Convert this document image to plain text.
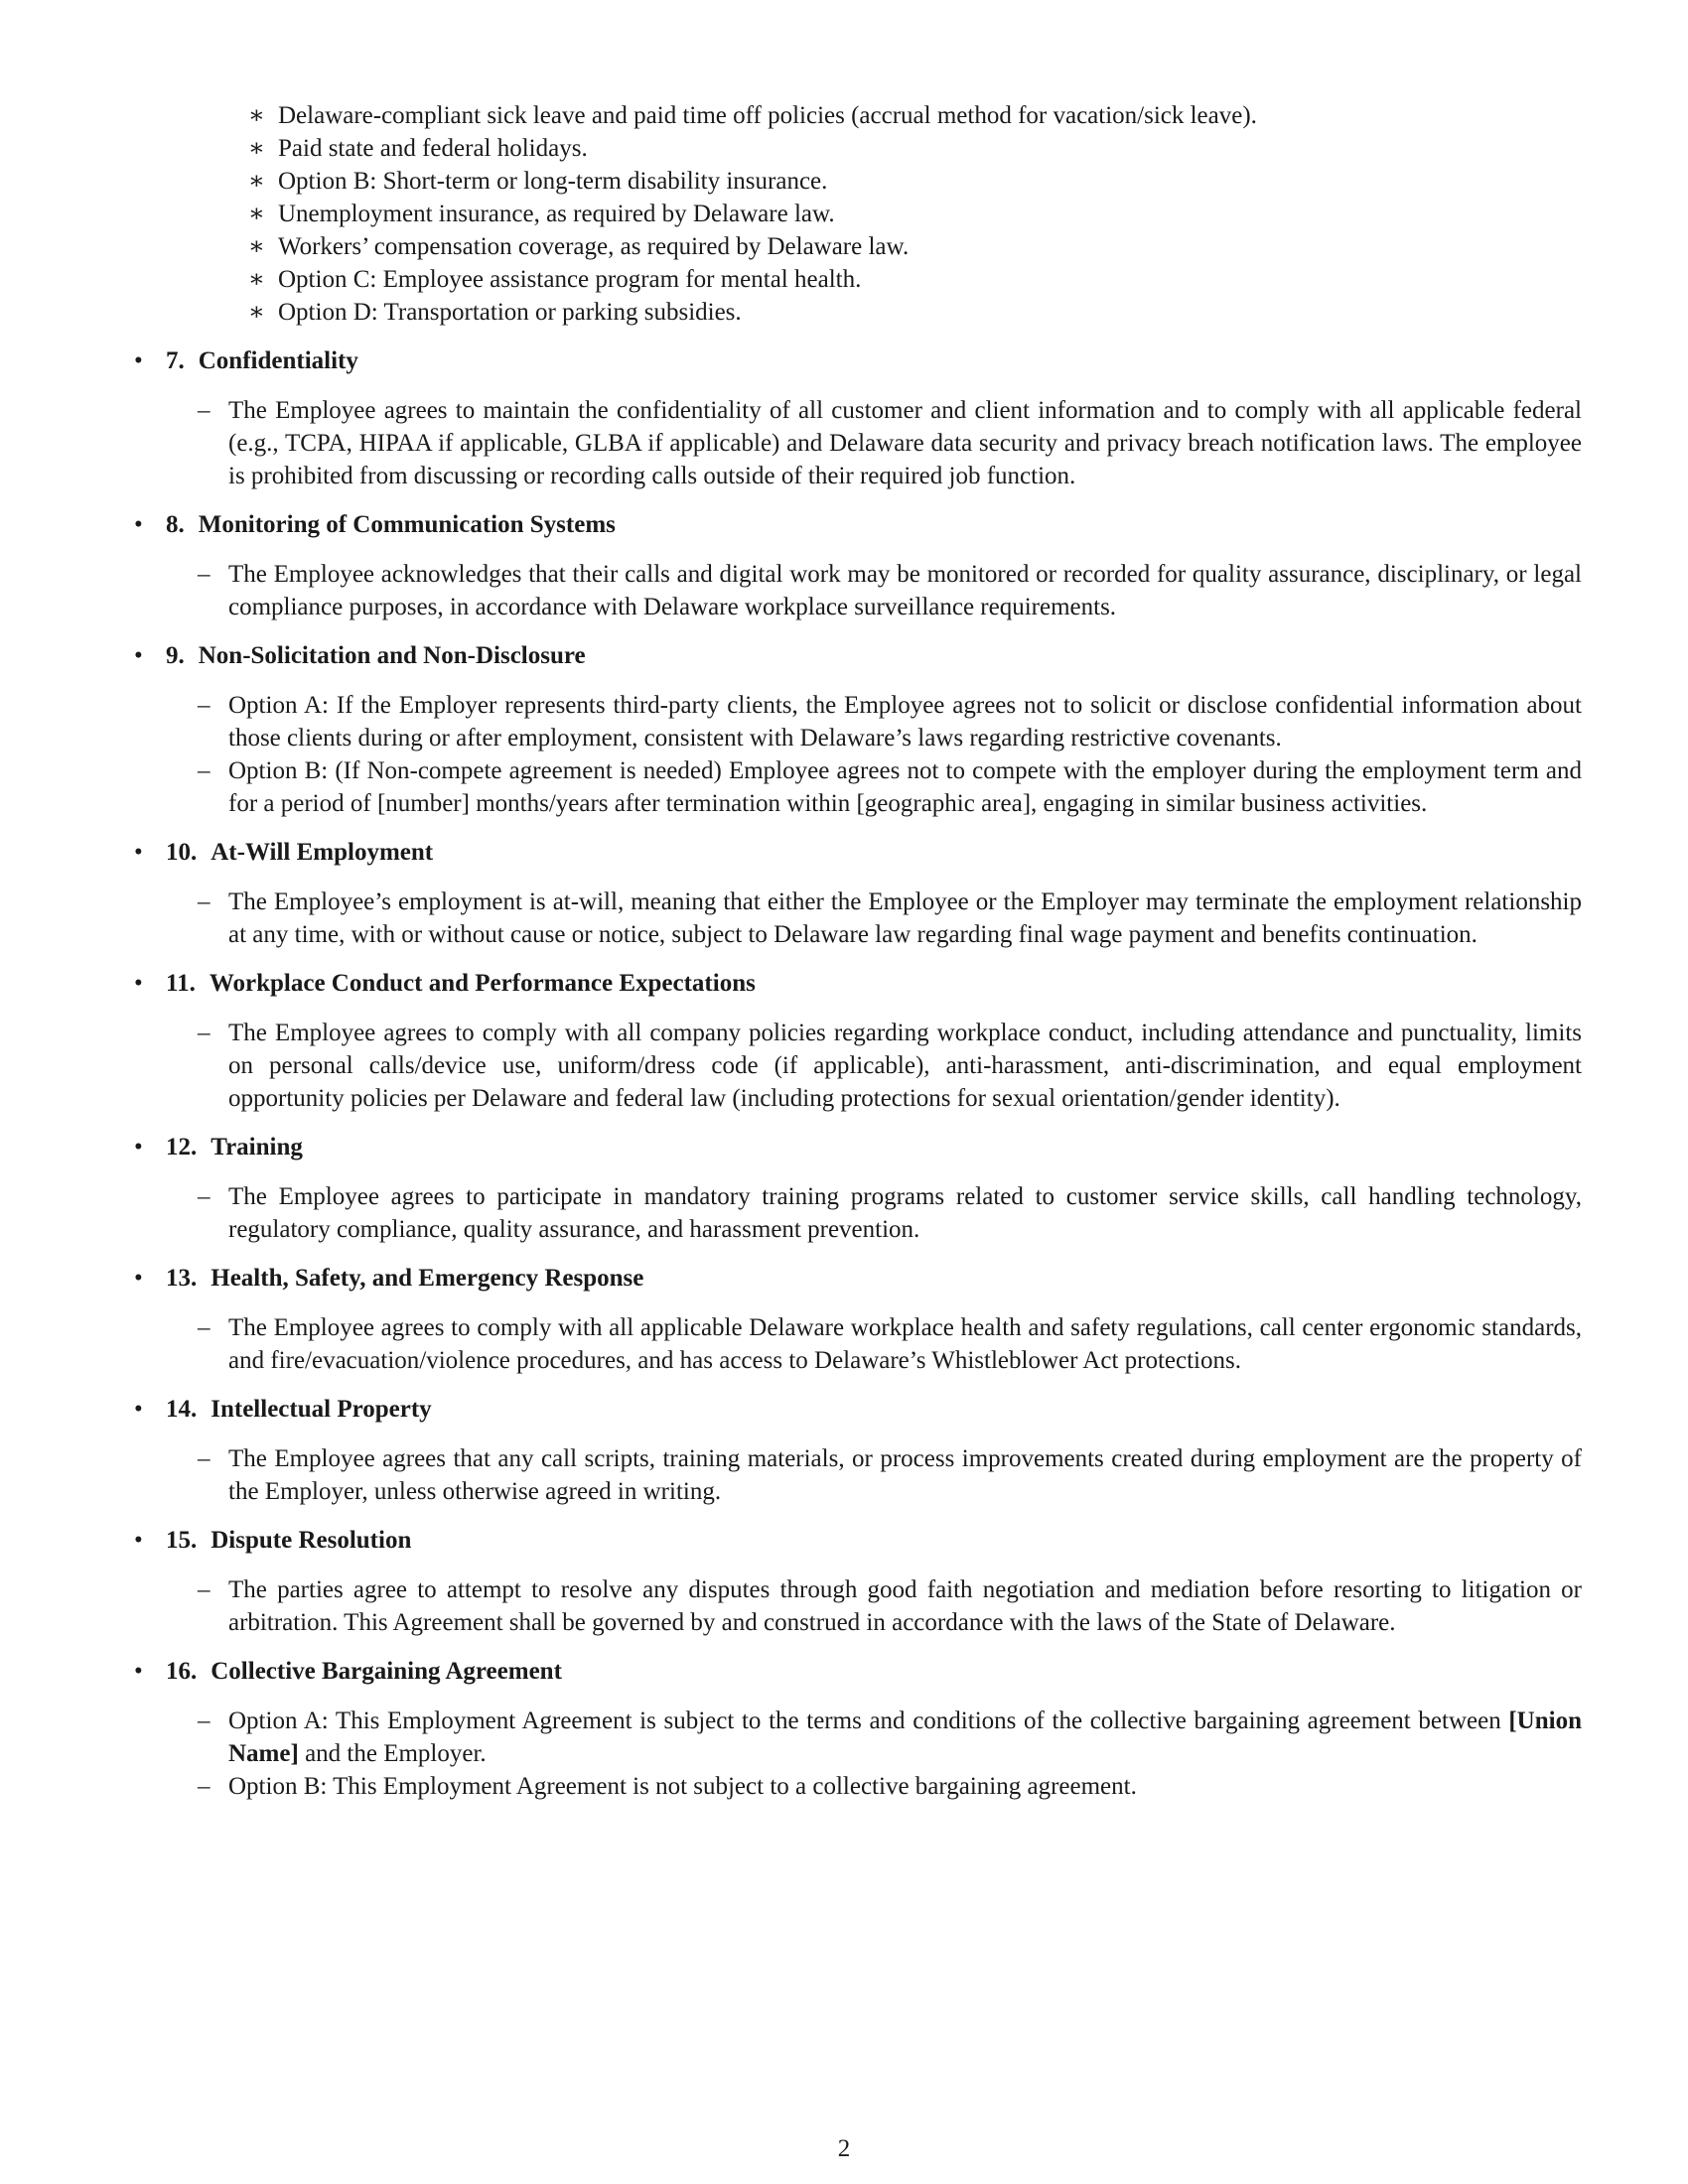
∗ Delaware-compliant sick leave and paid time off policies (accrual method for vacation/sick leave).
∗ Paid state and federal holidays.
∗ Option B: Short-term or long-term disability insurance.
∗ Unemployment insurance, as required by Delaware law.
∗ Workers’ compensation coverage, as required by Delaware law.
∗ Option C: Employee assistance program for mental health.
∗ Option D: Transportation or parking subsidies.
• 7. Confidentiality
– The Employee agrees to maintain the confidentiality of all customer and client information and to comply with all applicable federal (e.g., TCPA, HIPAA if applicable, GLBA if applicable) and Delaware data security and privacy breach notification laws. The employee is prohibited from discussing or recording calls outside of their required job function.
• 8. Monitoring of Communication Systems
– The Employee acknowledges that their calls and digital work may be monitored or recorded for quality assurance, disciplinary, or legal compliance purposes, in accordance with Delaware workplace surveillance requirements.
• 9. Non-Solicitation and Non-Disclosure
– Option A: If the Employer represents third-party clients, the Employee agrees not to solicit or disclose confidential information about those clients during or after employment, consistent with Delaware’s laws regarding restrictive covenants.
– Option B: (If Non-compete agreement is needed) Employee agrees not to compete with the employer during the employment term and for a period of [number] months/years after termination within [geographic area], engaging in similar business activities.
• 10. At-Will Employment
– The Employee’s employment is at-will, meaning that either the Employee or the Employer may terminate the employment relationship at any time, with or without cause or notice, subject to Delaware law regarding final wage payment and benefits continuation.
• 11. Workplace Conduct and Performance Expectations
– The Employee agrees to comply with all company policies regarding workplace conduct, including attendance and punctuality, limits on personal calls/device use, uniform/dress code (if applicable), anti-harassment, anti-discrimination, and equal employment opportunity policies per Delaware and federal law (including protections for sexual orientation/gender identity).
• 12. Training
– The Employee agrees to participate in mandatory training programs related to customer service skills, call handling technology, regulatory compliance, quality assurance, and harassment prevention.
• 13. Health, Safety, and Emergency Response
– The Employee agrees to comply with all applicable Delaware workplace health and safety regulations, call center ergonomic standards, and fire/evacuation/violence procedures, and has access to Delaware’s Whistleblower Act protections.
• 14. Intellectual Property
– The Employee agrees that any call scripts, training materials, or process improvements created during employment are the property of the Employer, unless otherwise agreed in writing.
• 15. Dispute Resolution
– The parties agree to attempt to resolve any disputes through good faith negotiation and mediation before resorting to litigation or arbitration. This Agreement shall be governed by and construed in accordance with the laws of the State of Delaware.
• 16. Collective Bargaining Agreement
– Option A: This Employment Agreement is subject to the terms and conditions of the collective bargaining agreement between [Union Name] and the Employer.
– Option B: This Employment Agreement is not subject to a collective bargaining agreement.
2
